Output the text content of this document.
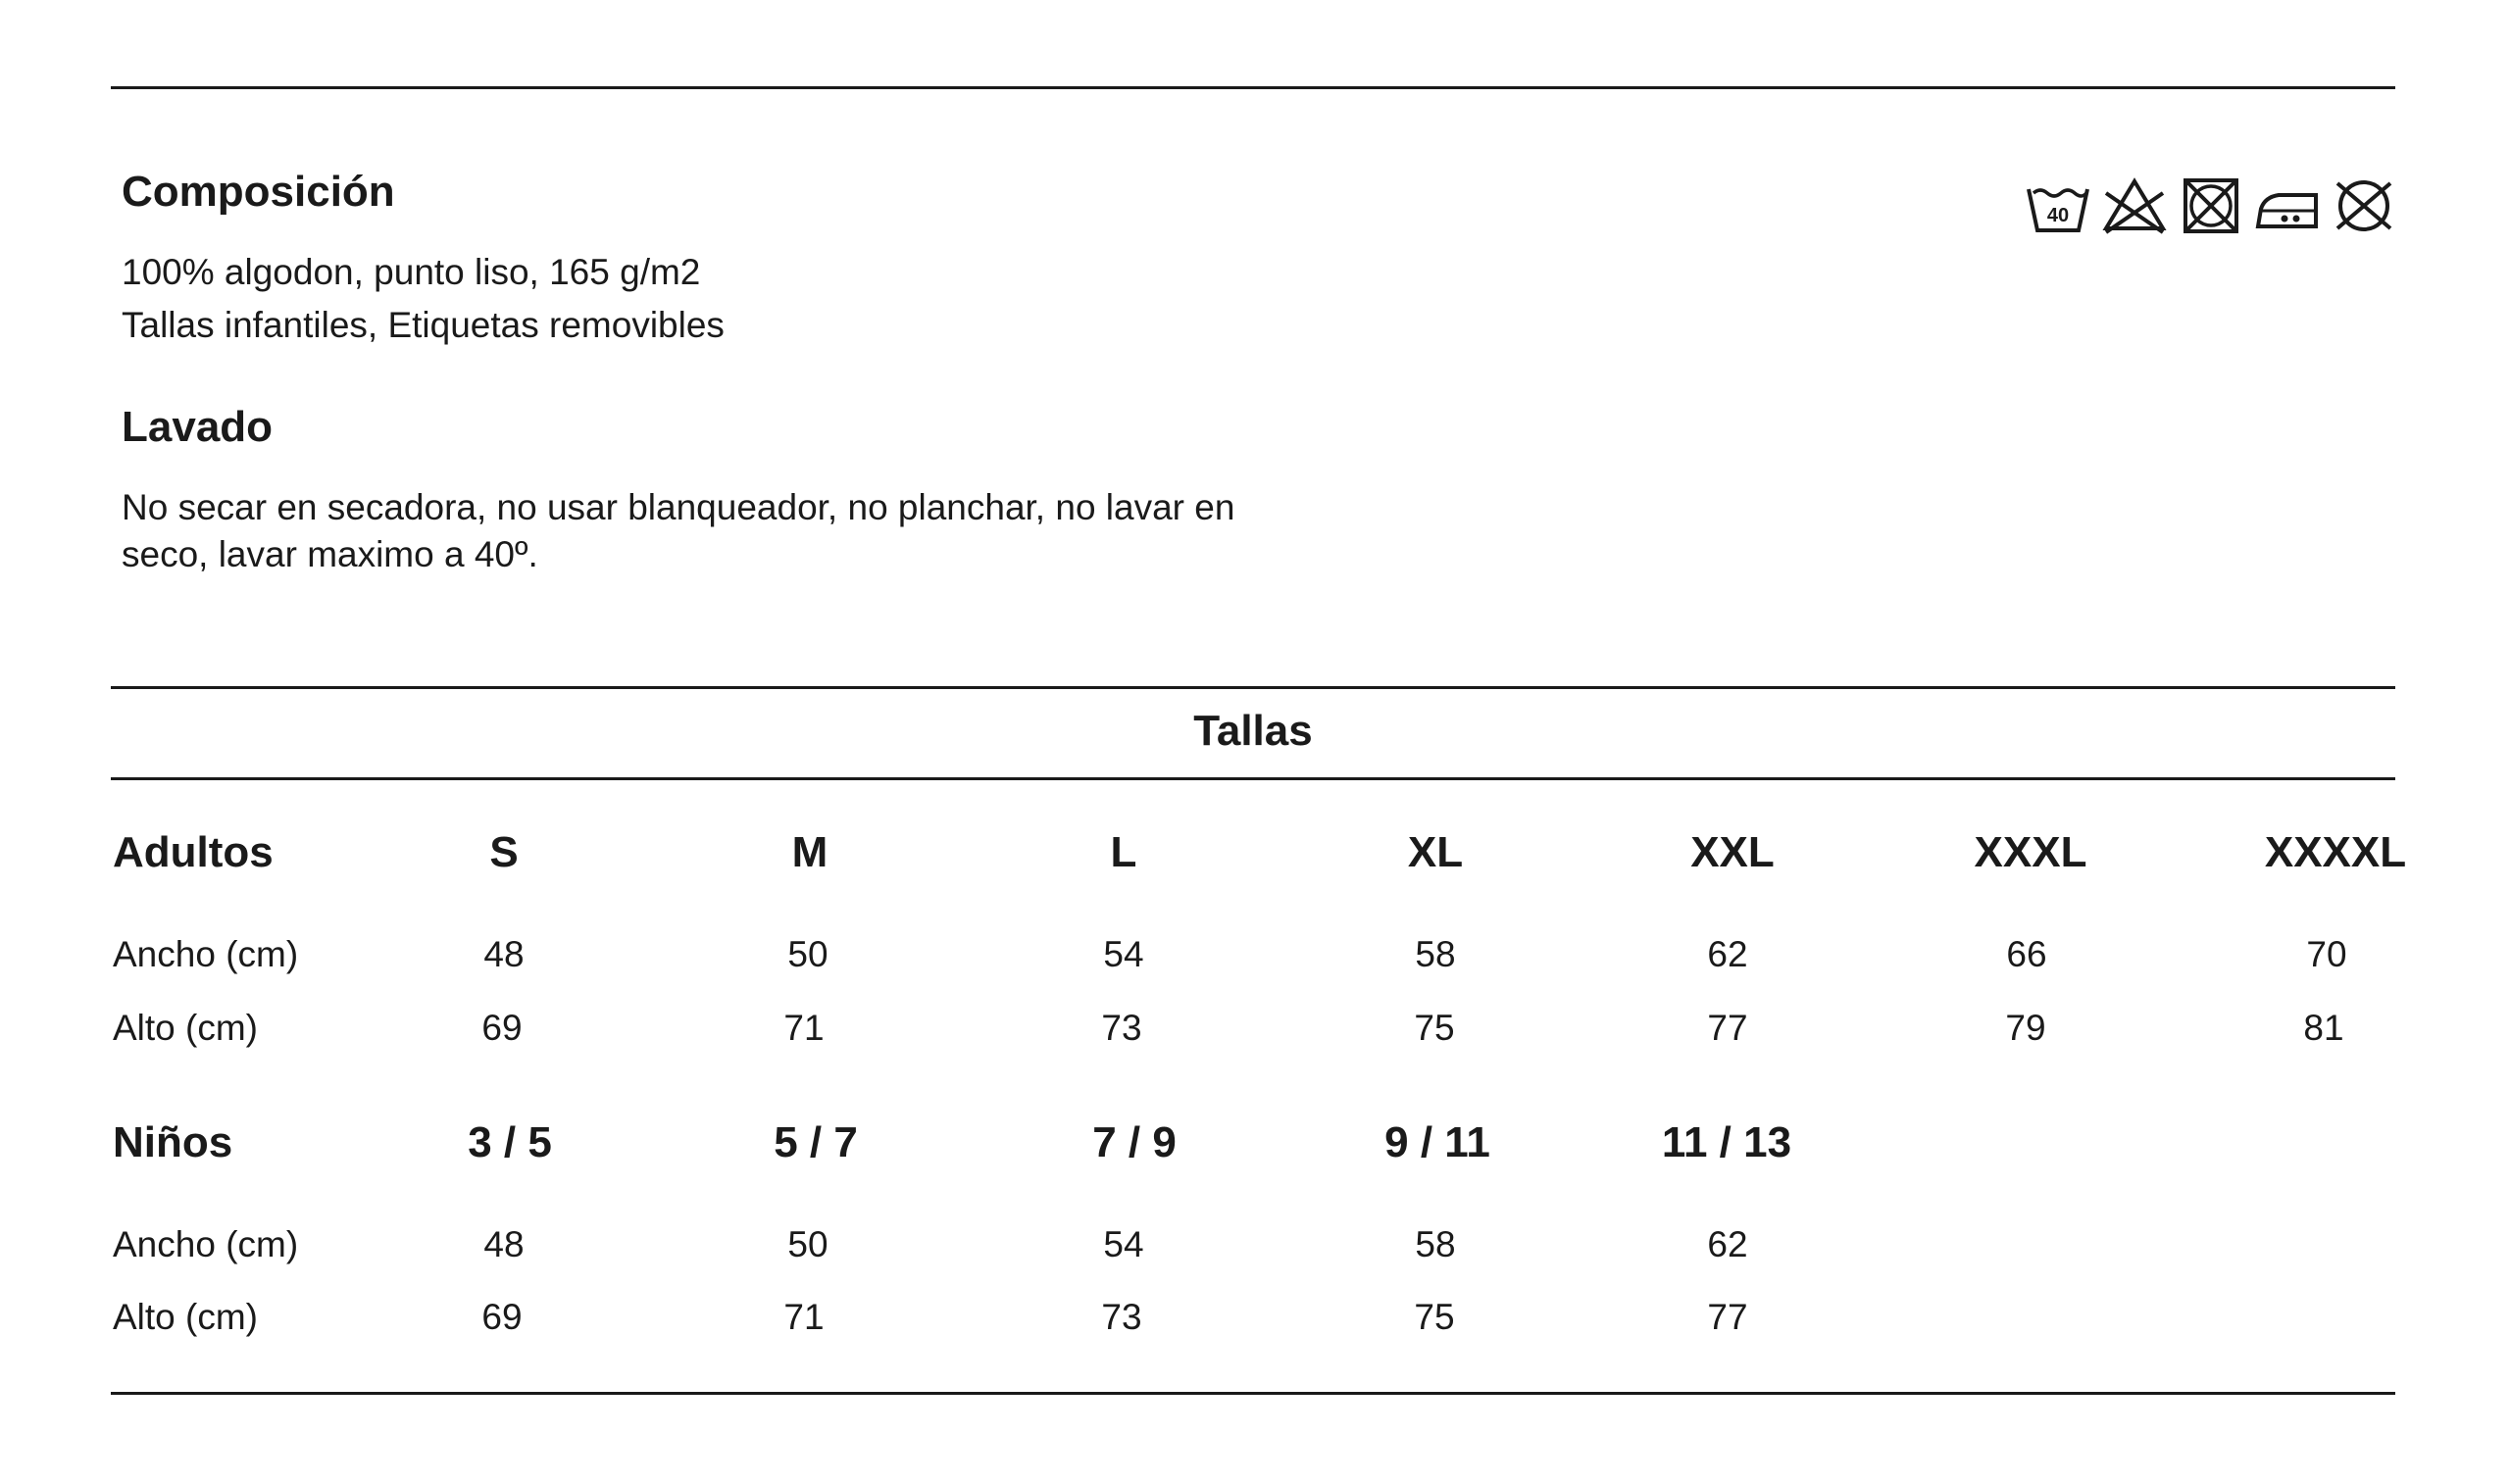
Composición

100% algodon, punto liso, 165 g/m2

Tallas infantiles, Etiquetas removibles

Lavado

No secar en secadora, no usar blanqueador, no planchar, no lavar en

seco, lavar maximo a 40º.

40
Tallas
Adultos	S	M	L	XL	XXL	XXXL	XXXXL
Ancho (cm)	48	50	54	58	62	66	70
Alto (cm)	69	71	73	75	77	79	81
Niños	3 / 5	5 / 7	7 / 9	9 / 11	11 / 13
Ancho (cm)	48	50	54	58	62
Alto (cm)	69	71	73	75	77
